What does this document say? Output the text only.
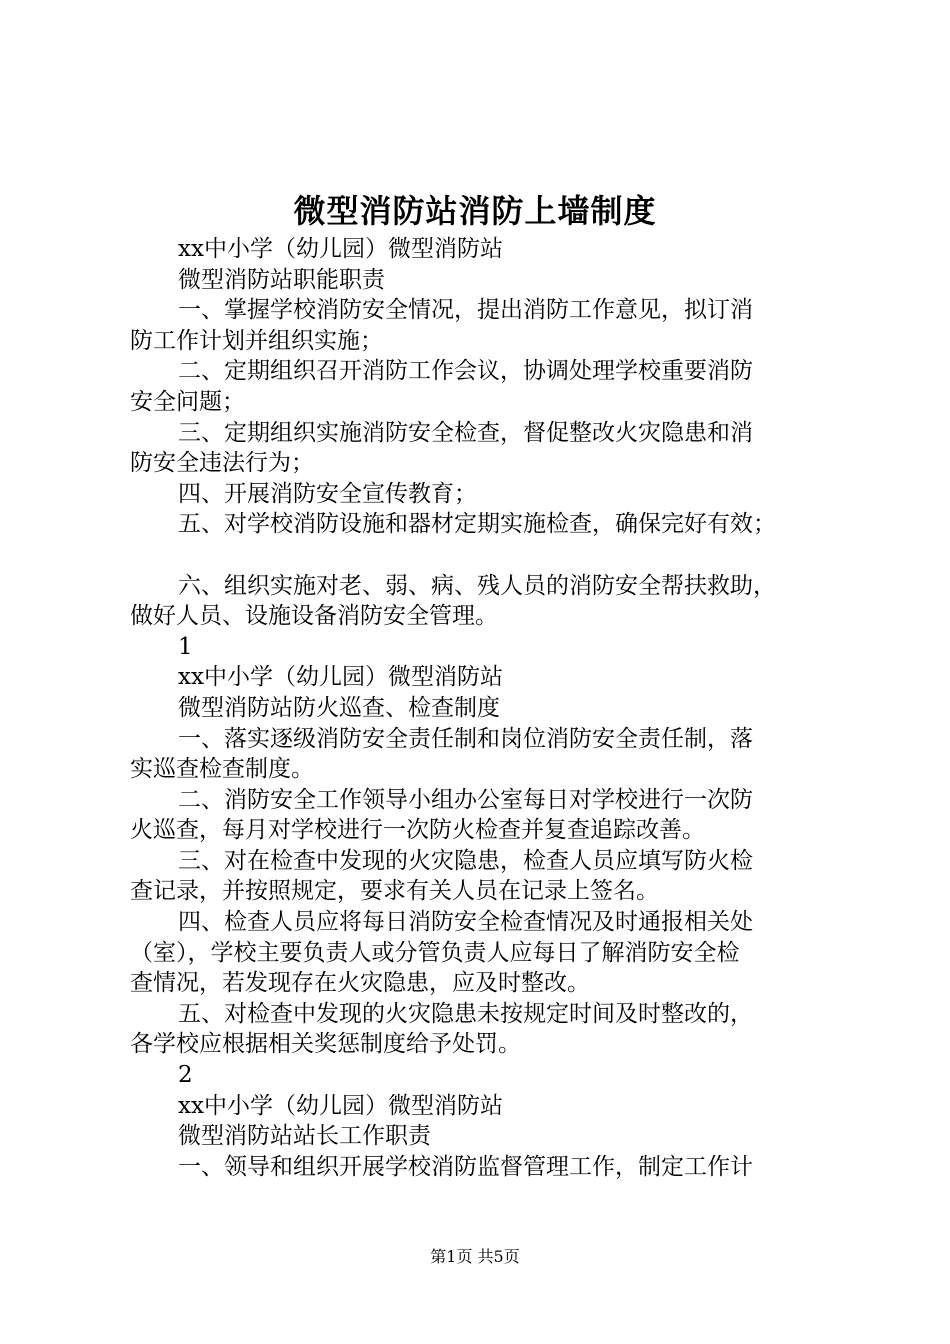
微型消防站消防上墙制度
xx中小学（幼儿园）微型消防站
微型消防站职能职责
一、掌握学校消防安全情况，提出消防工作意见，拟订消
防工作计划并组织实施；
二、定期组织召开消防工作会议，协调处理学校重要消防
安全问题；
三、定期组织实施消防安全检查，督促整改火灾隐患和消
防安全违法行为；
四、开展消防安全宣传教育；
五、对学校消防设施和器材定期实施检查，确保完好有效；
六、组织实施对老、弱、病、残人员的消防安全帮扶救助，
做好人员、设施设备消防安全管理。
1
xx中小学（幼儿园）微型消防站
微型消防站防火巡查、检查制度
一、落实逐级消防安全责任制和岗位消防安全责任制，落
实巡查检查制度。
二、消防安全工作领导小组办公室每日对学校进行一次防
火巡查，每月对学校进行一次防火检查并复查追踪改善。
三、对在检查中发现的火灾隐患，检查人员应填写防火检
查记录，并按照规定，要求有关人员在记录上签名。
四、检查人员应将每日消防安全检查情况及时通报相关处
（室），学校主要负责人或分管负责人应每日了解消防安全检
查情况，若发现存在火灾隐患，应及时整改。
五、对检查中发现的火灾隐患未按规定时间及时整改的，
各学校应根据相关奖惩制度给予处罚。
2
xx中小学（幼儿园）微型消防站
微型消防站站长工作职责
一、领导和组织开展学校消防监督管理工作，制定工作计
第1页 共5页
